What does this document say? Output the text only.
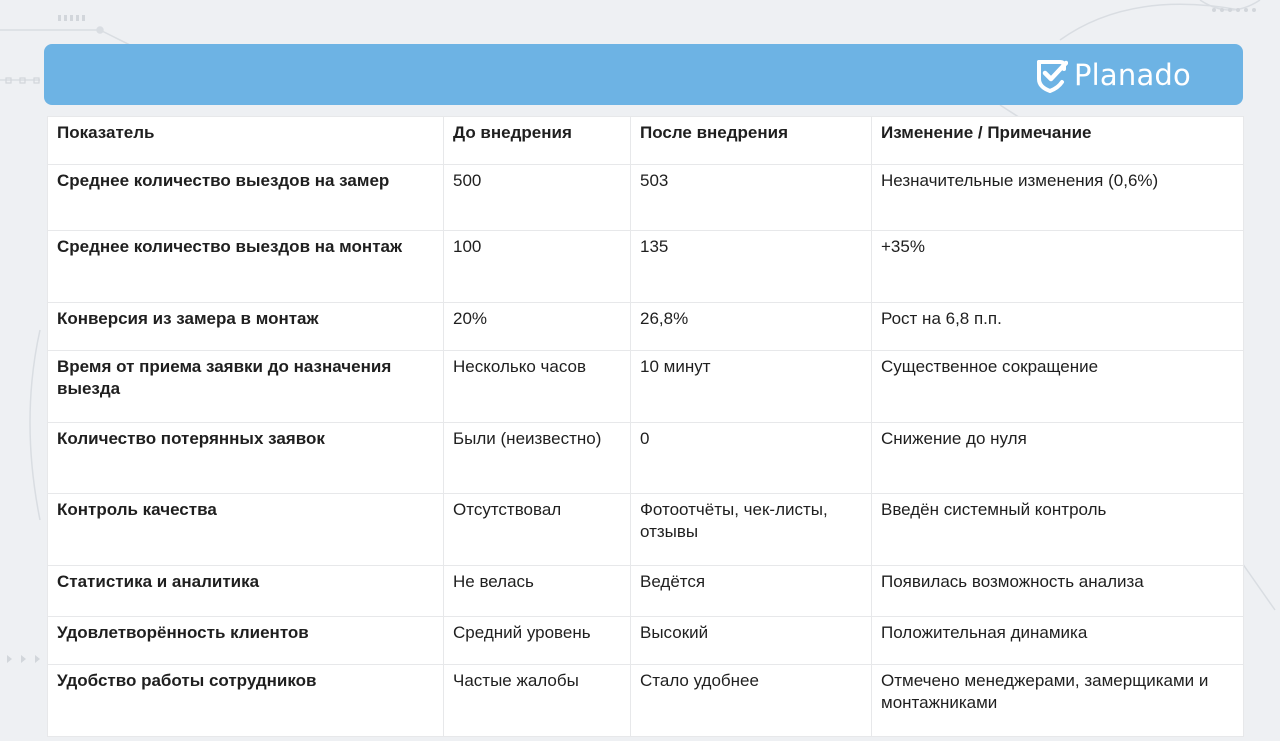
Planado
Показатель	До внедрения	После внедрения	Изменение / Примечание
Среднее количество выездов на замер	500	503	Незначительные изменения (0,6%)
Среднее количество выездов на монтаж	100	135	+35%
Конверсия из замера в монтаж	20%	26,8%	Рост на 6,8 п.п.
Время от приема заявки до назначения выезда	Несколько часов	10 минут	Существенное сокращение
Количество потерянных заявок	Были (неизвестно)	0	Снижение до нуля
Контроль качества	Отсутствовал	Фотоотчёты, чек-листы, отзывы	Введён системный контроль
Статистика и аналитика	Не велась	Ведётся	Появилась возможность анализа
Удовлетворённость клиентов	Средний уровень	Высокий	Положительная динамика
Удобство работы сотрудников	Частые жалобы	Стало удобнее	Отмечено менеджерами, замерщиками и монтажниками
